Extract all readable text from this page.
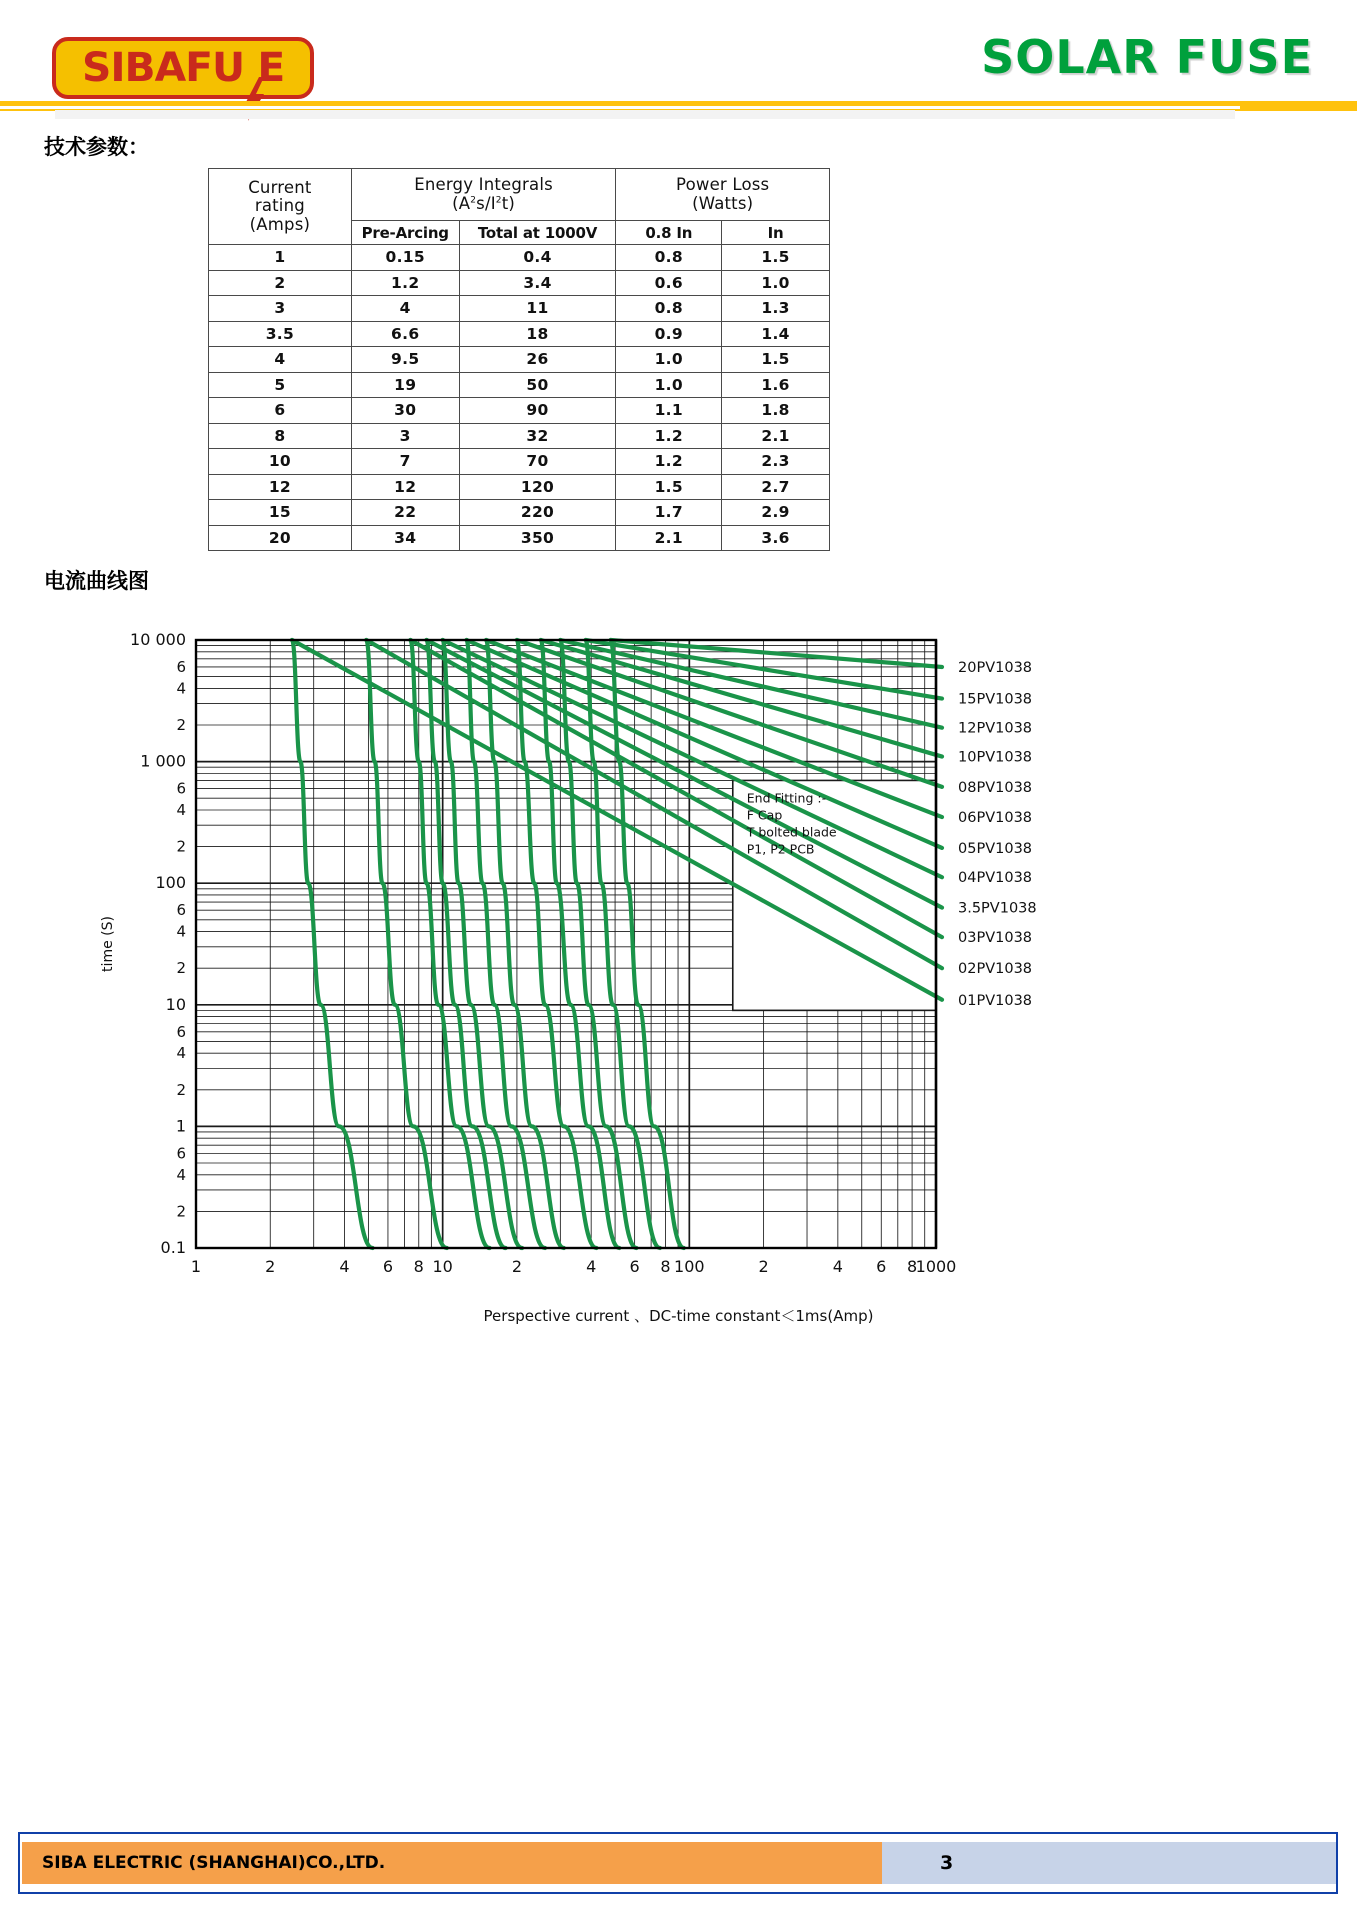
SIBAFU E	SOLAR FUSE
技术参数：
电流曲线图
Current
rating
(Amps)

Energy Integrals
$(A^2s/I^2t)$

Power Loss
(Watts)

	Pre-Arcing	Total at 1000V	0.8 In	In
1	0.15	0.4	0.8	1.5
2	1.2	3.4	0.6	1.0
3	4	11	0.8	1.3
3.5	6.6	18	0.9	1.4
4	9.5	26	1.0	1.5
5	19	50	1.0	1.6
6	30	90	1.1	1.8
8	3	32	1.2	2.1
10	7	70	1.2	2.3
12	12	120	1.5	2.7
15	22	220	1.7	2.9
20	34	350	2.1	3.6
10 000
6
4
2
1 000
6
4
2
100
6
4
2
10
6
4
2
1
6
4
2
0.1
1	2	4 6 8 10	2	4 6 8 100	2	4 6 8
1000
20PV1038
15PV1038
12PV1038
10PV1038
08PV1038
06PV1038
05PV1038
04PV1038
3.5PV1038
03PV1038
02PV1038
01PV1038
End Fitting :-
F Cap
T bolted blade
P1, P2 PCB
time (S)
Perspective current 、DC-time constant＜1ms(Amp)
SIBA ELECTRIC (SHANGHAI)CO.,LTD.	3
